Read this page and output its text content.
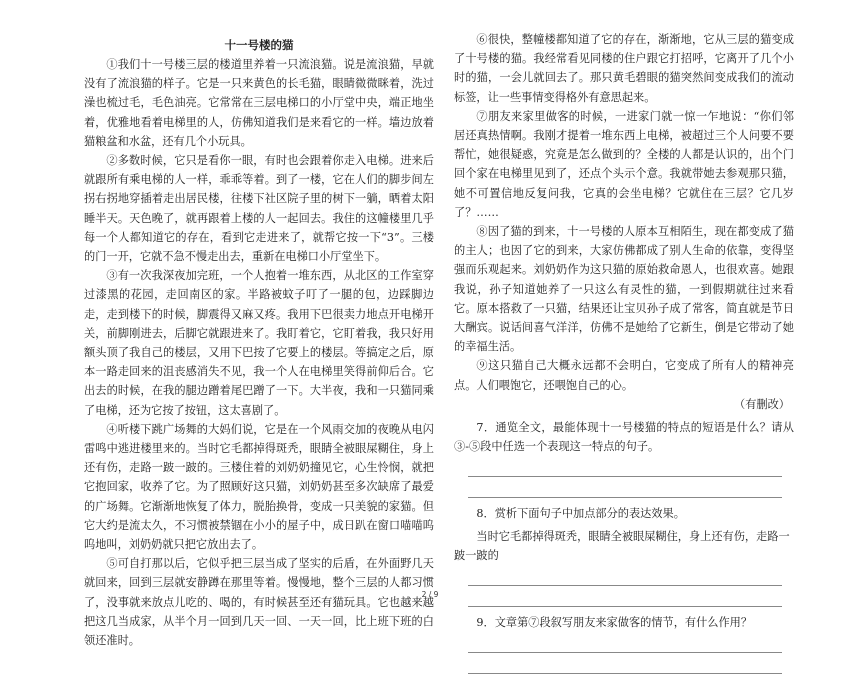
十一号楼的猫

①我们十一号楼三层的楼道里养着一只流浪猫。说是流浪猫，早就没有了流浪猫的样子。它是一只来黄色的长毛猫，眼睛微微眯着，洗过澡也梳过毛，毛色油亮。它常常在三层电梯口的小厅堂中央，端正地坐着，优雅地看着电梯里的人，仿佛知道我们是来看它的一样。墙边放着猫粮盆和水盆，还有几个小玩具。

②多数时候，它只是看你一眼，有时也会跟着你走入电梯。进来后就跟所有乘电梯的人一样，乖乖等着。到了一楼，它在人们的脚步间左拐右拐地穿插着走出居民楼，往楼下社区院子里的树下一躺，晒着太阳睡半天。天色晚了，就再跟着上楼的人一起回去。我住的这幢楼里几乎每一个人都知道它的存在，看到它走进来了，就帮它按一下“3”。三楼的门一开，它就不急不慢走出去，重新在电梯口小厅堂坐下。

③有一次我深夜加完班，一个人抱着一堆东西，从北区的工作室穿过漆黑的花园，走回南区的家。半路被蚊子叮了一腿的包，边踩脚边走，走到楼下的时候，脚震得又麻又疼。我用下巴很卖力地点开电梯开关，前脚刚进去，后脚它就跟进来了。我盯着它，它盯着我，我只好用额头顶了我自己的楼层，又用下巴按了它要上的楼层。等搞定之后，原本一路走回来的沮丧感消失不见，我一个人在电梯里笑得前仰后合。它出去的时候，在我的腿边蹭着尾巴蹭了一下。大半夜，我和一只猫同乘了电梯，还为它按了按钮，这太喜剧了。

④听楼下跳广场舞的大妈们说，它是在一个风雨交加的夜晚从电闪雷鸣中逃进楼里来的。当时它毛都掉得斑秃，眼睛全被眼屎糊住，身上还有伤，走路一跛一跛的。三楼住着的刘奶奶撞见它，心生怜悯，就把它抱回家，收养了它。为了照顾好这只猫，刘奶奶甚至多次缺席了最爱的广场舞。它渐渐地恢复了体力，脱胎换骨，变成一只美貌的家猫。但它大约是流太久，不习惯被禁锢在小小的屋子中，成日趴在窗口喵喵呜呜地叫，刘奶奶就只把它放出去了。

⑤可自打那以后，它似乎把三层当成了坚实的后盾，在外面野几天就回来，回到三层就安静蹲在那里等着。慢慢地，整个三层的人都习惯了，没事就来放点儿吃的、喝的，有时候甚至还有猫玩具。它也越来越把这几当成家，从半个月一回到几天一回、一天一回，比上班下班的白领还准时。

⑥很快，整幢楼都知道了它的存在，渐渐地，它从三层的猫变成了十号楼的猫。我经常看见同楼的住户跟它打招呼，它离开了几个小时的猫，一会儿就回去了。那只黄毛碧眼的猫突然间变成我们的流动标签，让一些事情变得格外有意思起来。

⑦朋友来家里做客的时候，一进家门就一惊一乍地说：“你们邻居还真热情啊。我刚才提着一堆东西上电梯，被超过三个人问要不要帮忙，她很疑惑，究竟是怎么做到的？全楼的人都是认识的，出个门回个家在电梯里见到了，还点个头示个意。我就带她去参观那只猫，她不可置信地反复问我，它真的会坐电梯？它就住在三层？它几岁了？……

⑧因了猫的到来，十一号楼的人原本互相陌生，现在都变成了猫的主人；也因了它的到来，大家仿佛都成了别人生命的依靠，变得坚强而乐观起来。刘奶奶作为这只猫的原始救命恩人，也很欢喜。她跟我说，孙子知道她养了一只这么有灵性的猫，一到假期就往过来看它。原本搭救了一只猫，结果还让宝贝孙子成了常客，简直就是节日大酬宾。说话间喜气洋洋，仿佛不是她给了它新生，倒是它带动了她的幸福生活。

⑨这只猫自己大概永远都不会明白，它变成了所有人的精神亮点。人们喂饱它，还喂饱自己的心。

（有删改）

7．通览全文，最能体现十一号楼猫的特点的短语是什么？请从③-⑤段中任选一个表现这一特点的句子。

8．赏析下面句子中加点部分的表达效果。

当时它毛都掉得斑秃，眼睛全被眼屎糊住，身上还有伤，走路一跛一跛的

9．文章第⑦段叙写朋友来家做客的情节，有什么作用？

2 / 9
